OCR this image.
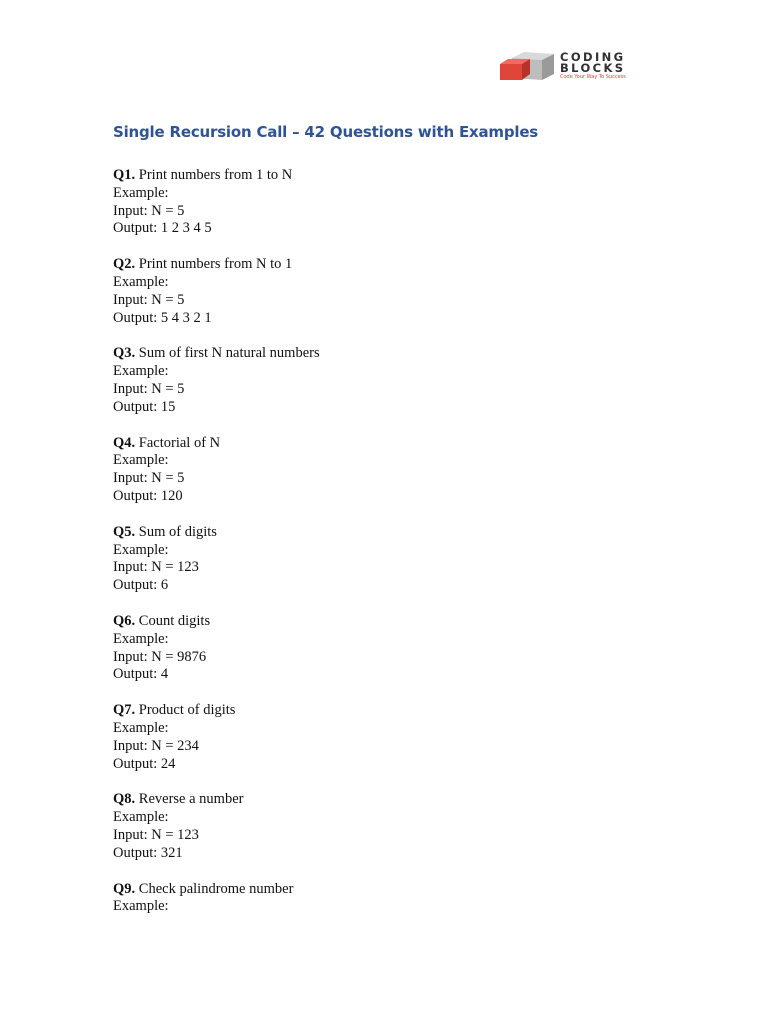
CODING
BLOCKS
Code Your Way To Success
Single Recursion Call – 42 Questions with Examples

Q1. Print numbers from 1 to N

Example:

Input: N = 5

Output: 1 2 3 4 5

Q2. Print numbers from N to 1

Example:

Input: N = 5

Output: 5 4 3 2 1

Q3. Sum of first N natural numbers

Example:

Input: N = 5

Output: 15

Q4. Factorial of N

Example:

Input: N = 5

Output: 120

Q5. Sum of digits

Example:

Input: N = 123

Output: 6

Q6. Count digits

Example:

Input: N = 9876

Output: 4

Q7. Product of digits

Example:

Input: N = 234

Output: 24

Q8. Reverse a number

Example:

Input: N = 123

Output: 321

Q9. Check palindrome number

Example:
